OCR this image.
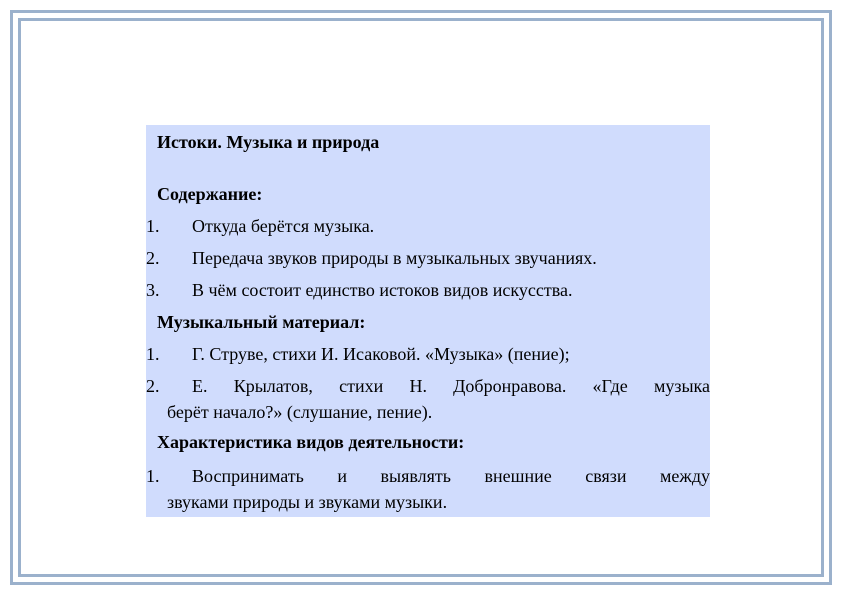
Истоки. Музыка и природа
Содержание:
1. Откуда берётся музыка.
2. Передача звуков природы в музыкальных звучаниях.
3. В чём состоит единство истоков видов искусства.
Музыкальный материал:
1. Г. Струве, стихи И. Исаковой. «Музыка» (пение);
2. Е. Крылатов, стихи Н. Добронравова. «Где музыка
берёт начало?» (слушание, пение).
Характеристика видов деятельности:
1. Воспринимать и выявлять внешние связи между
звуками природы и звуками музыки.
